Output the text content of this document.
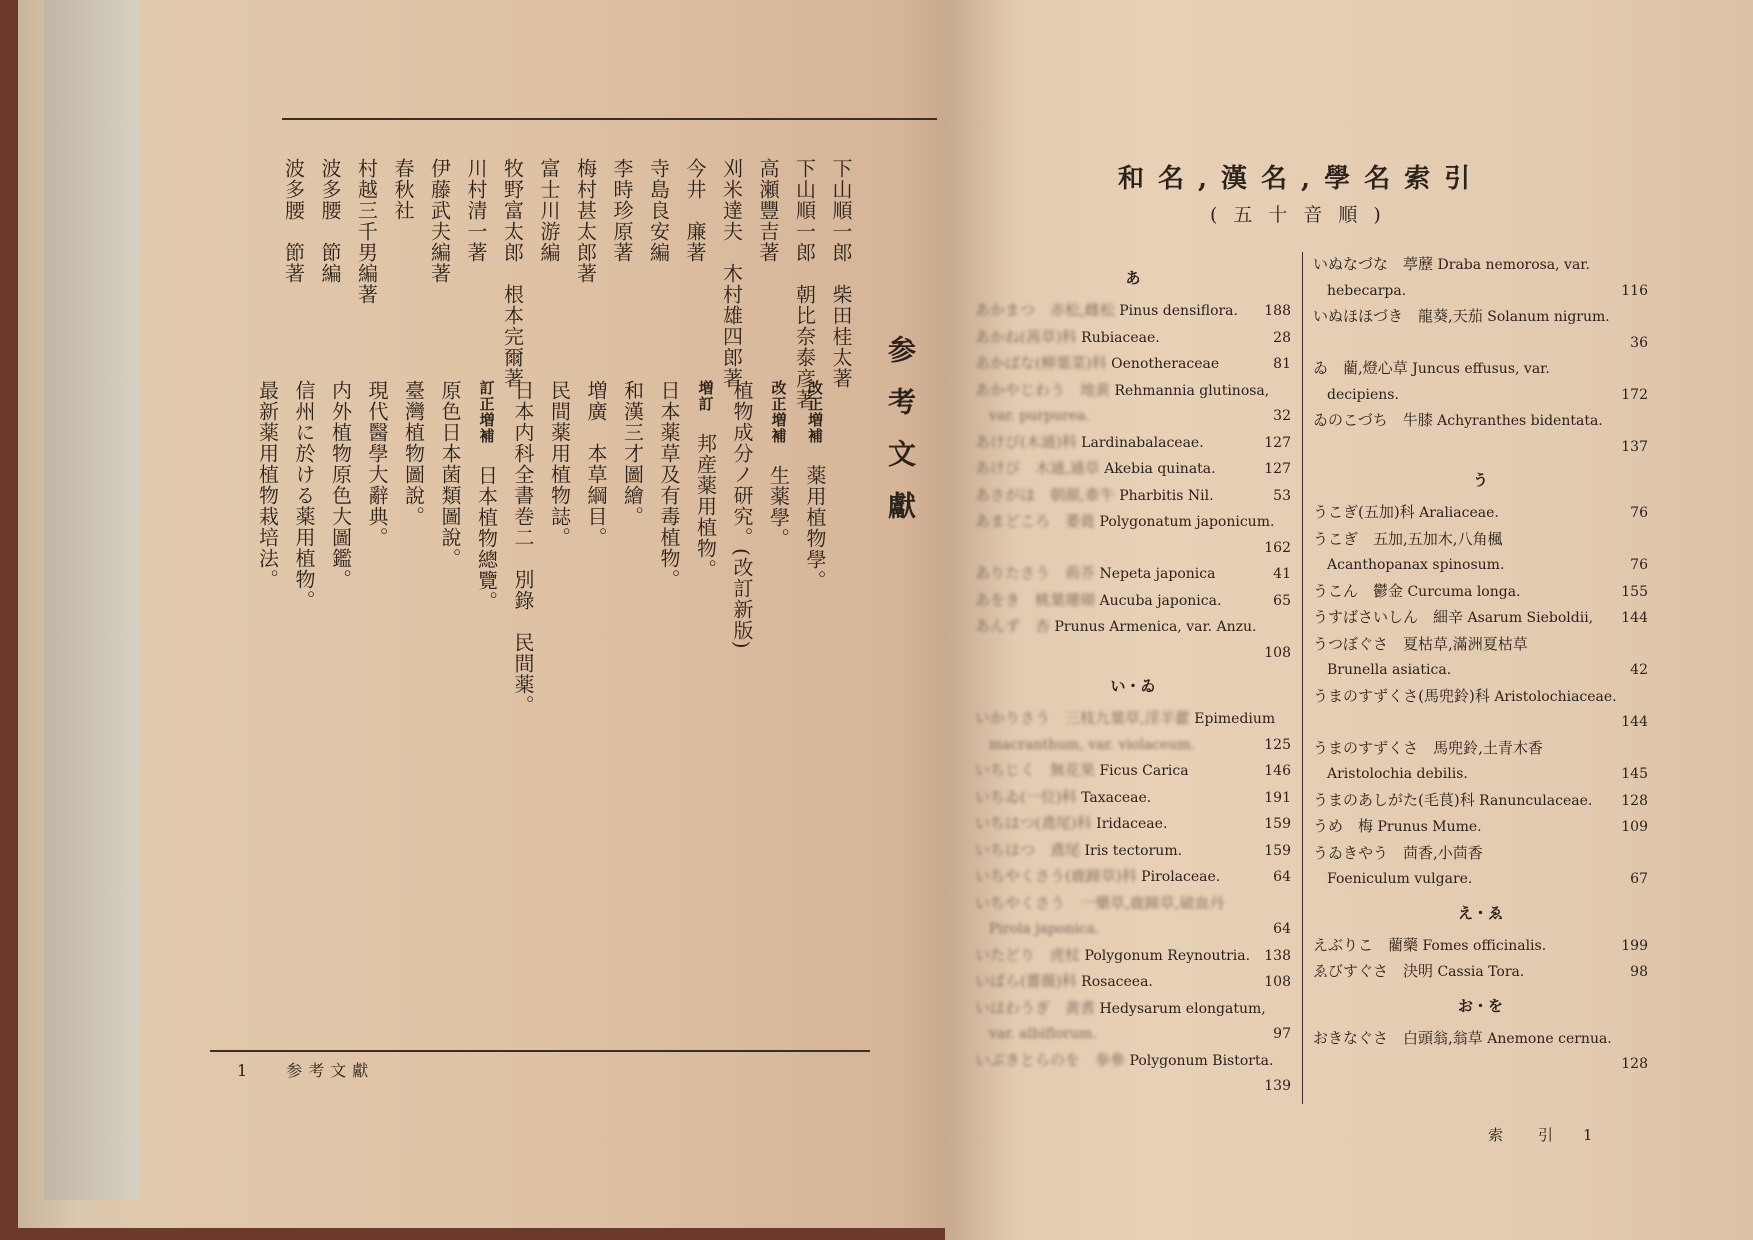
参考文獻
下山順一郎　柴田桂太著
改正増補　薬用植物學。
下山順一郎　朝比奈泰彦著
改正増補　生薬學。
高瀬豐吉著
植物成分ノ研究。(改訂新版)
刈米達夫　木村雄四郎著
増訂　邦産薬用植物。
今井　廉著
日本薬草及有毒植物。
寺島良安編
和漢三才圖繪。
李時珍原著
増廣　本草綱目。
梅村甚太郎著
民間薬用植物誌。
富士川游編
日本内科全書巻二　別錄　民間薬。
牧野富太郎　根本完爾著
訂正増補　日本植物總覽。
川村清一著
原色日本菌類圖說。
伊藤武夫編著
臺灣植物圖說。
春秋社
現代醫學大辭典。
村越三千男編著
内外植物原色大圖鑑。
波多腰　節編
信州に於ける薬用植物。
波多腰　節著
最新薬用植物栽培法。
1 参考文獻
和名,漢名,學名索引
(五十音順)
あ
あかまつ　赤松,雌松 Pinus densiflora. 188
あかね(茜草)科 Rubiaceae.	28
あかばな(柳葉菜)科 Oenotheraceae	81
あかやじわう　地黄 Rehmannia glutinosa,
var. purpurea.	32
あけび(木通)科 Lardinabalaceae.	127
あけび　木通,通草 Akebia quinata.	127
あさがほ　朝顔,牽牛 Pharbitis Nil.	53
あまどころ　萎蕤 Polygonatum japonicum.

162
ありたさう　荊芥 Nepeta japonica	41
あをき　桃葉珊瑚 Aucuba japonica.	65
あんず　杏 Prunus Armenica, var. Anzu.

108
い・ゐ
いかりさう　三枝九葉草,淫羊藿 Epimedium
macranthum, var. violaceum.	125
いちじく　無花果 Ficus Carica	146
いちゐ(一位)科 Taxaceae.	191
いちはつ(鳶尾)科 Iridaceae.	159
いちはつ　鳶尾 Iris tectorum.	159
いちやくさう(鹿蹄草)科 Pirolaceae.	64
いちやくさう　一藥草,鹿蹄草,破血丹
Pirola japonica.	64
いたどり　虎杖 Polygonum Reynoutria. 138
いばら(薔薇)科 Rosaceea.	108
いはわうぎ　黄耆 Hedysarum elongatum,
var. albiflorum.	97
いぶきとらのを　拳參 Polygonum Bistorta.

139
いぬなづな　葶藶 Draba nemorosa, var.
hebecarpa.	116
いぬほほづき　龍葵,天茄 Solanum nigrum.

36
ゐ　藺,燈心草 Juncus effusus, var.
decipiens.	172
ゐのこづち　牛膝 Achyranthes bidentata.

137
う
うこぎ(五加)科 Araliaceae.	76
うこぎ　五加,五加木,八角楓
Acanthopanax spinosum.	76
うこん　鬱金 Curcuma longa.	155
うすばさいしん　細辛 Asarum Sieboldii, 144
うつぼぐさ　夏枯草,滿洲夏枯草
Brunella asiatica.	42
うまのすずくさ(馬兜鈴)科 Aristolochiaceae.

144
うまのすずくさ　馬兜鈴,土青木香
Aristolochia debilis.	145
うまのあしがた(毛茛)科 Ranunculaceae. 128
うめ　梅 Prunus Mume.	109
うゐきやう　茴香,小茴香
Foeniculum vulgare.	67
え・ゑ
えぶりこ　藺藥 Fomes officinalis.	199
ゑびすぐさ　決明 Cassia Tora.	98
お・を
おきなぐさ　白頭翁,翁草 Anemone cernua.

128
索　引 1
